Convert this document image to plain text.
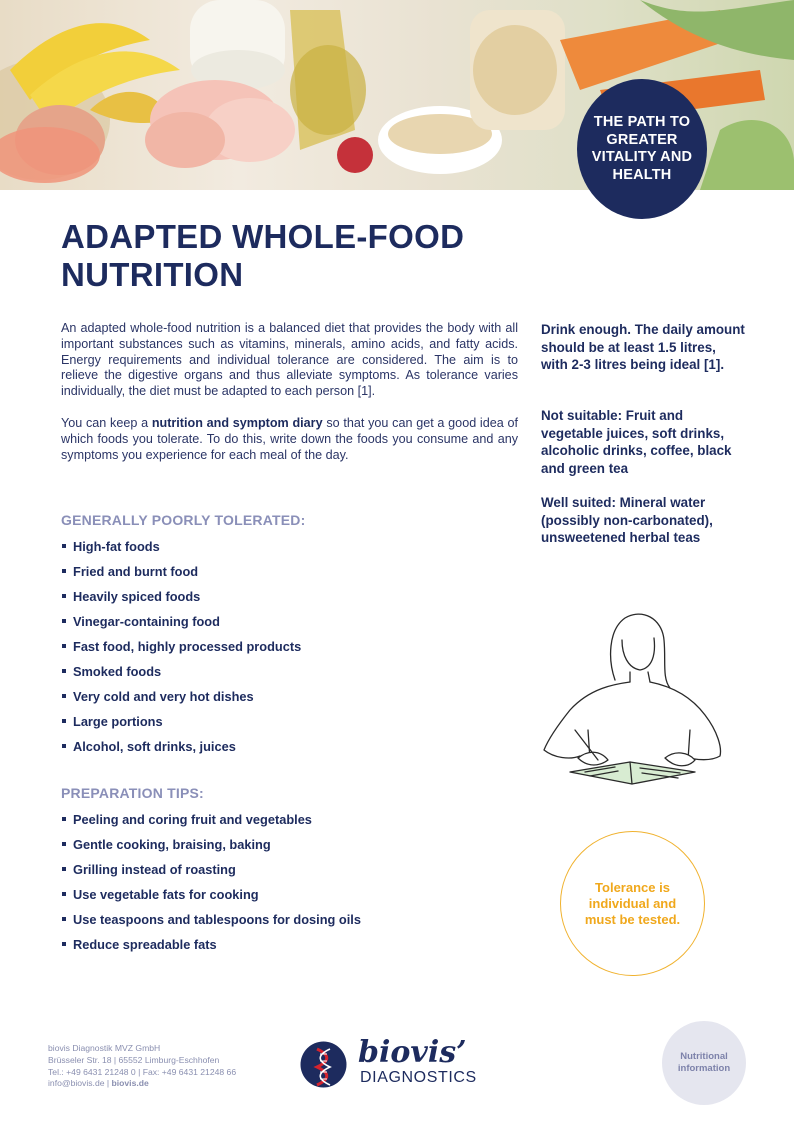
THE PATH TO GREATER VITALITY AND HEALTH
ADAPTED WHOLE-FOOD NUTRITION

An adapted whole-food nutrition is a balanced diet that provides the body with all important substances such as vitamins, minerals, amino acids, and fatty acids. Energy requirements and individual tolerance are considered. The aim is to relieve the digestive organs and thus alleviate symptoms. As tolerance varies individually, the diet must be adapted to each person [1].

You can keep a nutrition and symptom diary so that you can get a good idea of which foods you tolerate. To do this, write down the foods you consume and any symptoms you experience for each meal of the day.

Drink enough. The daily amount should be at least 1.5 litres, with 2-3 litres being ideal [1].

Not suitable: Fruit and vegetable juices, soft drinks, alcoholic drinks, coffee, black and green tea

Well suited: Mineral water (possibly non-carbonated), unsweetened herbal teas

GENERALLY POORLY TOLERATED:
High-fat foods
Fried and burnt food
Heavily spiced foods
Vinegar-containing food
Fast food, highly processed products
Smoked foods
Very cold and very hot dishes
Large portions
Alcohol, soft drinks, juices
PREPARATION TIPS:
Peeling and coring fruit and vegetables
Gentle cooking, braising, baking
Grilling instead of roasting
Use vegetable fats for cooking
Use teaspoons and tablespoons for dosing oils
Reduce spreadable fats
Tolerance is individual and must be tested.
biovis Diagnostik MVZ GmbH
Brüsseler Str. 18 | 65552 Limburg-Eschhofen
Tel.: +49 6431 21248 0 | Fax: +49 6431 21248 66
info@biovis.de | biovis.de
biovis’
DIAGNOSTICS
Nutritional information
